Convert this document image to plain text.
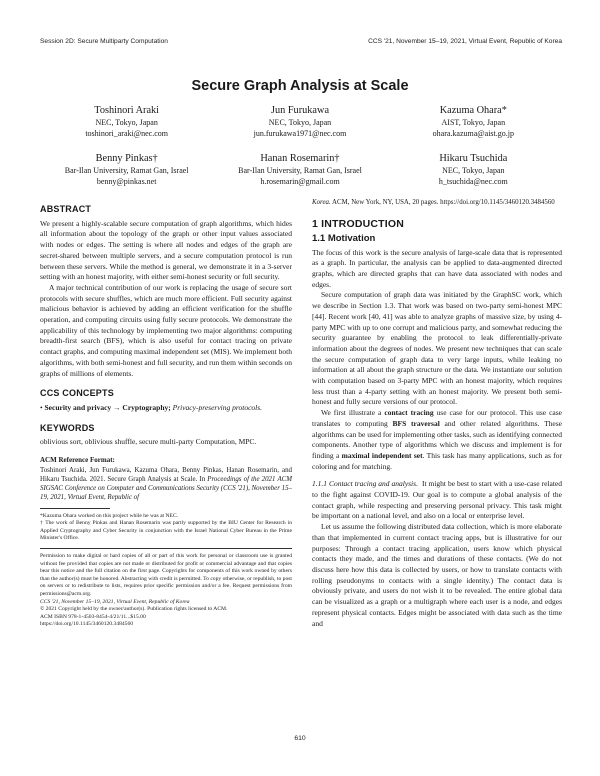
Session 2D: Secure Multiparty Computation	CCS '21, November 15–19, 2021, Virtual Event, Republic of Korea
Secure Graph Analysis at Scale
Toshinori Araki
NEC, Tokyo, Japan
toshinori_araki@nec.com
Jun Furukawa
NEC, Tokyo, Japan
jun.furukawa1971@nec.com
Kazuma Ohara*
AIST, Tokyo, Japan
ohara.kazuma@aist.go.jp
Benny Pinkas†
Bar-Ilan University, Ramat Gan, Israel
benny@pinkas.net
Hanan Rosemarin†
Bar-Ilan University, Ramat Gan, Israel
h.rosemarin@gmail.com
Hikaru Tsuchida
NEC, Tokyo, Japan
h_tsuchida@nec.com
ABSTRACT

We present a highly-scalable secure computation of graph algorithms, which hides all information about the topology of the graph or other input values associated with nodes or edges. The setting is where all nodes and edges of the graph are secret-shared between multiple servers, and a secure computation protocol is run between these servers. While the method is general, we demonstrate it in a 3-server setting with an honest majority, with either semi-honest security or full security.

A major technical contribution of our work is replacing the usage of secure sort protocols with secure shuffles, which are much more efficient. Full security against malicious behavior is achieved by adding an efficient verification for the shuffle operation, and computing circuits using fully secure protocols. We demonstrate the applicability of this technology by implementing two major algorithms: computing breadth-first search (BFS), which is also useful for contact tracing on private contact graphs, and computing maximal independent set (MIS). We implement both algorithms, with both semi-honest and full security, and run them within seconds on graphs of millions of elements.

CCS CONCEPTS

• Security and privacy → Cryptography; Privacy-preserving protocols.

KEYWORDS

oblivious sort, oblivious shuffle, secure multi-party Computation, MPC.

ACM Reference Format:

Toshinori Araki, Jun Furukawa, Kazuma Ohara, Benny Pinkas, Hanan Rosemarin, and Hikaru Tsuchida. 2021. Secure Graph Analysis at Scale. In Proceedings of the 2021 ACM SIGSAC Conference on Computer and Communications Security (CCS '21), November 15–19, 2021, Virtual Event, Republic of

*Kazuma Ohara worked on this project while he was at NEC.

† The work of Benny Pinkas and Hanan Rosemarin was partly supported by the BIU Center for Research in Applied Cryptography and Cyber Security in conjunction with the Israel National Cyber Bureau in the Prime Minister's Office.

Permission to make digital or hard copies of all or part of this work for personal or classroom use is granted without fee provided that copies are not made or distributed for profit or commercial advantage and that copies bear this notice and the full citation on the first page. Copyrights for components of this work owned by others than the author(s) must be honored. Abstracting with credit is permitted. To copy otherwise, or republish, to post on servers or to redistribute to lists, requires prior specific permission and/or a fee. Request permissions from permissions@acm.org.

CCS '21, November 15–19, 2021, Virtual Event, Republic of Korea

© 2021 Copyright held by the owner/author(s). Publication rights licensed to ACM.

ACM ISBN 978-1-4503-8454-4/21/11...$15.00

https://doi.org/10.1145/3460120.3484560

Korea. ACM, New York, NY, USA, 20 pages. https://doi.org/10.1145/3460120.3484560

1 INTRODUCTION
1.1 Motivation

The focus of this work is the secure analysis of large-scale data that is represented as a graph. In particular, the analysis can be applied to data-augmented directed graphs, which are directed graphs that can have data associated with nodes and edges.

Secure computation of graph data was initiated by the GraphSC work, which we describe in Section 1.3. That work was based on two-party semi-honest MPC [44]. Recent work [40, 41] was able to analyze graphs of massive size, by using 4-party MPC with up to one corrupt and malicious party, and somewhat reducing the security guarantee by enabling the protocol to leak differentially-private information about the degrees of nodes. We present new techniques that can scale the secure computation of graph data to very large inputs, while leaking no information at all about the graph structure or the data. We instantiate our solution with computation based on 3-party MPC with an honest majority, which requires less trust than a 4-party setting with an honest majority. We present both semi-honest and fully secure versions of our protocol.

We first illustrate a contact tracing use case for our protocol. This use case translates to computing BFS traversal and other related algorithms. These algorithms can be used for implementing other tasks, such as identifying connected components. Another type of algorithms which we discuss and implement is for finding a maximal independent set. This task has many applications, such as for coloring and for matching.

1.1.1 Contact tracing and analysis. It might be best to start with a use-case related to the fight against COVID-19. Our goal is to compute a global analysis of the contact graph, while respecting and preserving personal privacy. This task might be important on a national level, and also on a local or enterprise level.

Let us assume the following distributed data collection, which is more elaborate than that implemented in current contact tracing apps, but is illustrative for our purposes: Through a contact tracing application, users know which physical contacts they made, and the times and durations of these contacts. (We do not discuss here how this data is collected by users, or how to translate contacts with rolling pseudonyms to contacts with a single identity.) The contact data is obviously private, and users do not wish it to be revealed. The entire global data can be visualized as a graph or a multigraph where each user is a node, and edges represent physical contacts. Edges might be associated with data such as the time and

610
